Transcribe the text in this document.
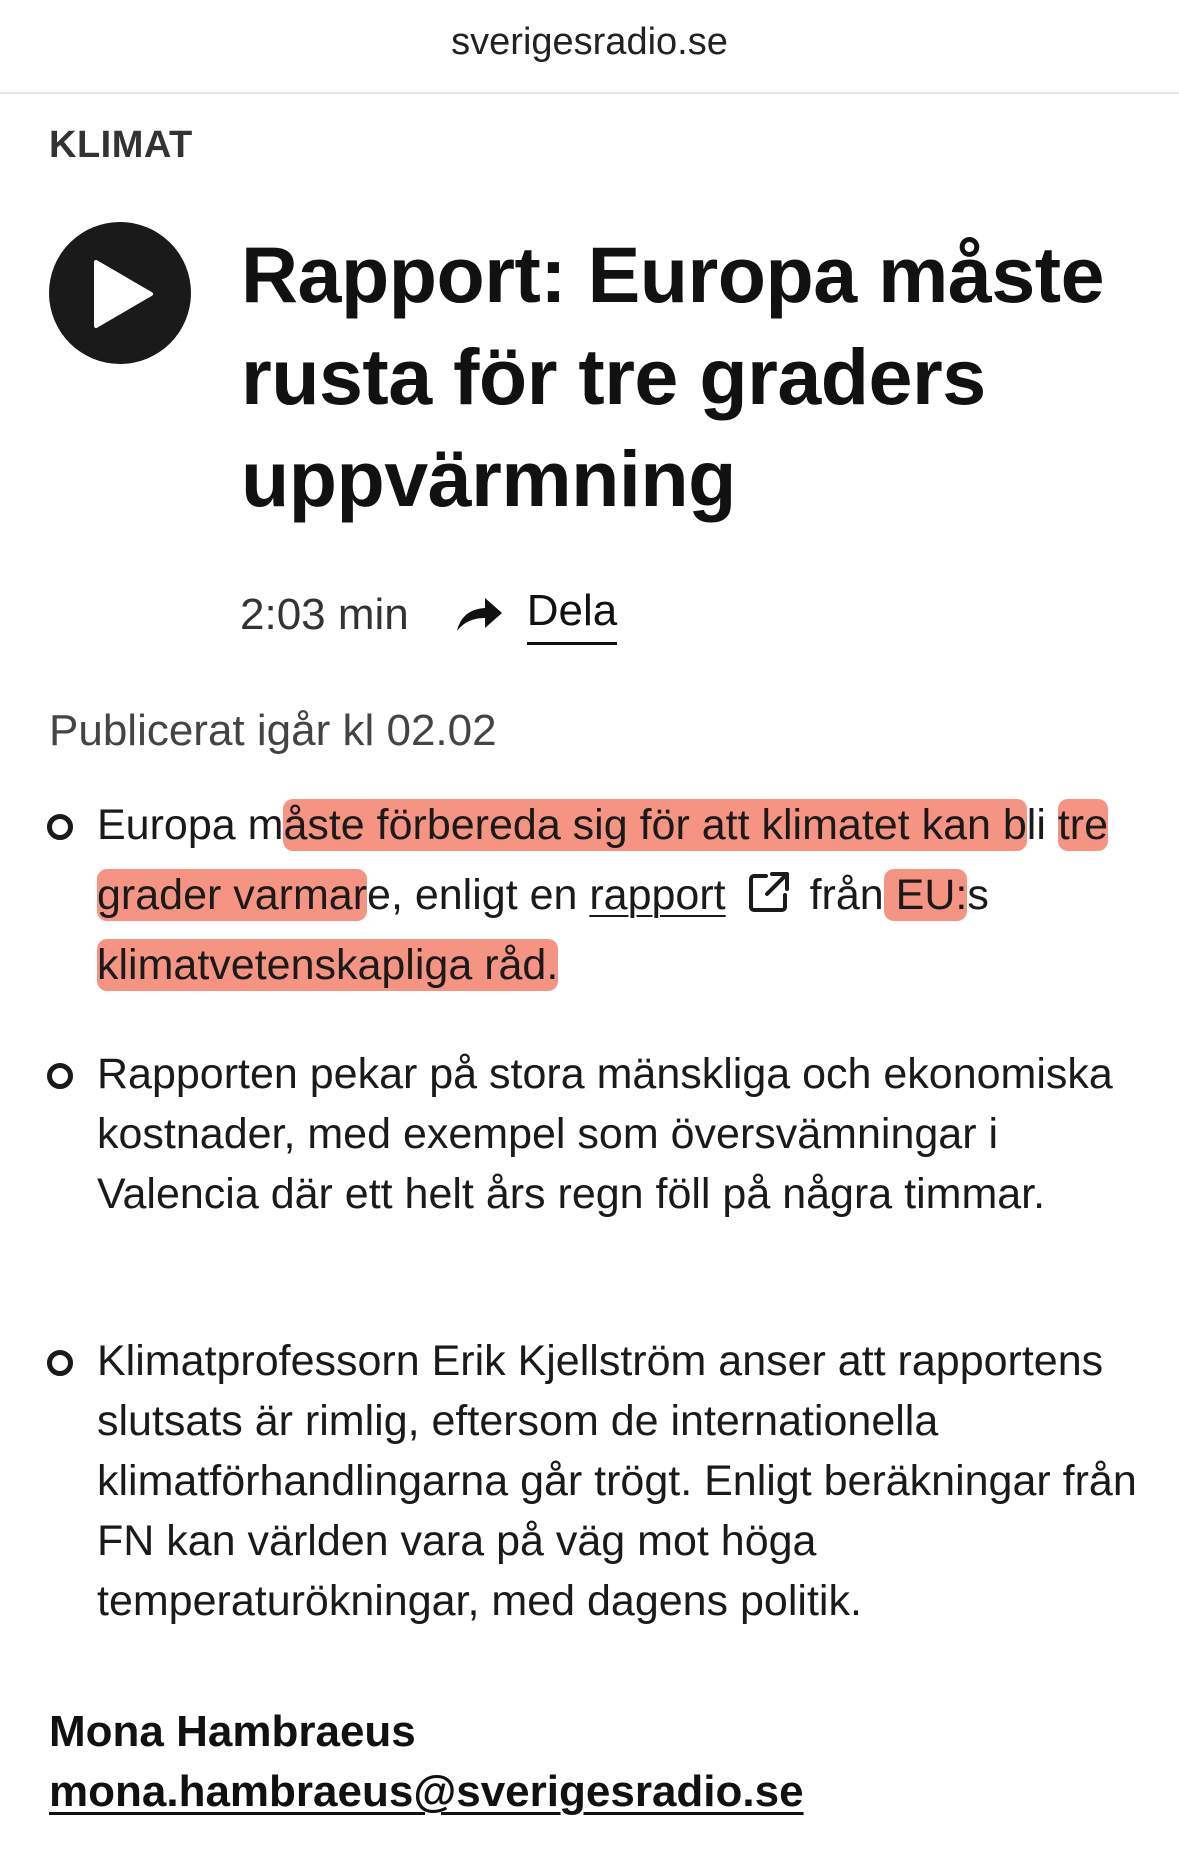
sverigesradio.se
KLIMAT
Rapport: Europa måste rusta för tre graders uppvärmning
2:03 min	Dela
Publicerat igår kl 02.02
Europa måste förbereda sig för att klimatet kan bli tre grader varmare, enligt en rapport från EU:s klimatvetenskapliga råd.
Rapporten pekar på stora mänskliga och ekonomiska kostnader, med exempel som översvämningar i Valencia där ett helt års regn föll på några timmar.
Klimatprofessorn Erik Kjellström anser att rapportens slutsats är rimlig, eftersom de internationella klimatförhandlingarna går trögt. Enligt beräkningar från FN kan världen vara på väg mot höga temperaturökningar, med dagens politik.
Mona Hambraeus
mona.hambraeus@sverigesradio.se
